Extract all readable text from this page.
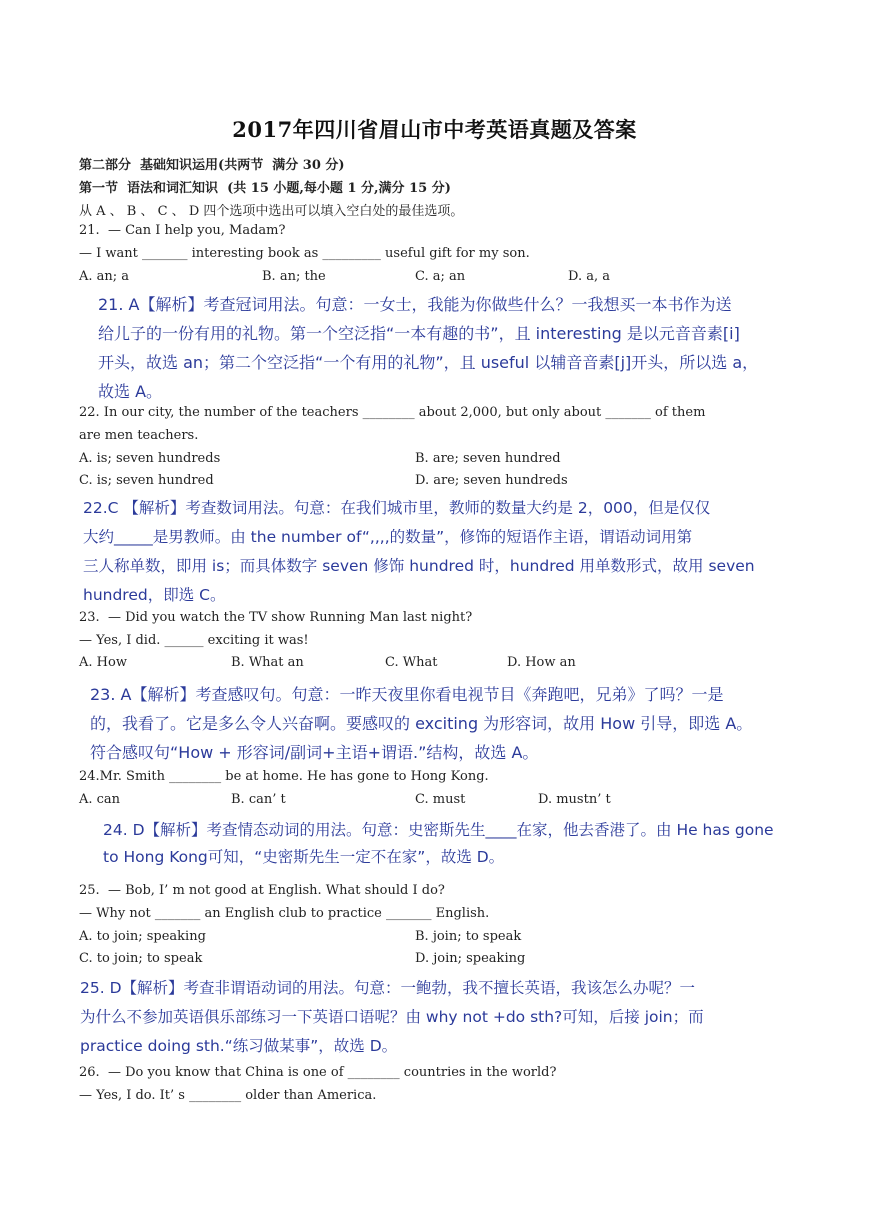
2017年四川省眉山市中考英语真题及答案
第二部分  基础知识运用(共两节  满分 30 分)
第一节  语法和词汇知识  (共 15 小题,每小题 1 分,满分 15 分)
从 A 、 B 、 C 、 D 四个选项中选出可以填入空白处的最佳选项。
21.  — Can I help you, Madam?
— I want _______ interesting book as _________ useful gift for my son.
A. an; a	B. an; the	C. a; an	D. a, a

21. A【解析】考查冠词用法。句意：一女士，我能为你做些什么？一我想买一本书作为送

给儿子的一份有用的礼物。第一个空泛指“一本有趣的书”，且 interesting 是以元音音素[i]

开头，故选 an；第二个空泛指“一个有用的礼物”，且 useful 以辅音音素[j]开头，所以选 a，

故选 A。

22. In our city, the number of the teachers ________ about 2,000, but only about _______ of them
are men teachers.
A. is; seven hundreds	B. are; seven hundred
C. is; seven hundred	D. are; seven hundreds

22.C 【解析】考查数词用法。句意：在我们城市里，教师的数量大约是 2，000，但是仅仅

大约_____是男教师。由 the number of“,,,,的数量”，修饰的短语作主语，谓语动词用第

三人称单数，即用 is；而具体数字 seven 修饰 hundred 时，hundred 用单数形式，故用 seven

hundred，即选 C。

23.  — Did you watch the TV show Running Man last night?
— Yes, I did. ______ exciting it was!
A. How	B. What an	C. What	D. How an

23. A【解析】考查感叹句。句意：一昨天夜里你看电视节目《奔跑吧，兄弟》了吗？一是

的，我看了。它是多么令人兴奋啊。要感叹的 exciting 为形容词，故用 How 引导，即选 A。

符合感叹句“How + 形容词/副词+主语+谓语.”结构，故选 A。

24.Mr. Smith ________ be at home. He has gone to Hong Kong.
A. can	B. can’ t	C. must	D. mustn’ t

24. D【解析】考查情态动词的用法。句意：史密斯先生____在家，他去香港了。由 He has gone

to Hong Kong可知，“史密斯先生一定不在家”，故选 D。

25.  — Bob, I’ m not good at English. What should I do?
— Why not _______ an English club to practice _______ English.
A. to join; speaking	B. join; to speak
C. to join; to speak	D. join; speaking

25. D【解析】考查非谓语动词的用法。句意：一鲍勃，我不擅长英语，我该怎么办呢？一

为什么不参加英语俱乐部练习一下英语口语呢？由 why not +do sth?可知，后接 join；而

practice doing sth.“练习做某事”，故选 D。

26.  — Do you know that China is one of ________ countries in the world?
— Yes, I do. It’ s ________ older than America.
